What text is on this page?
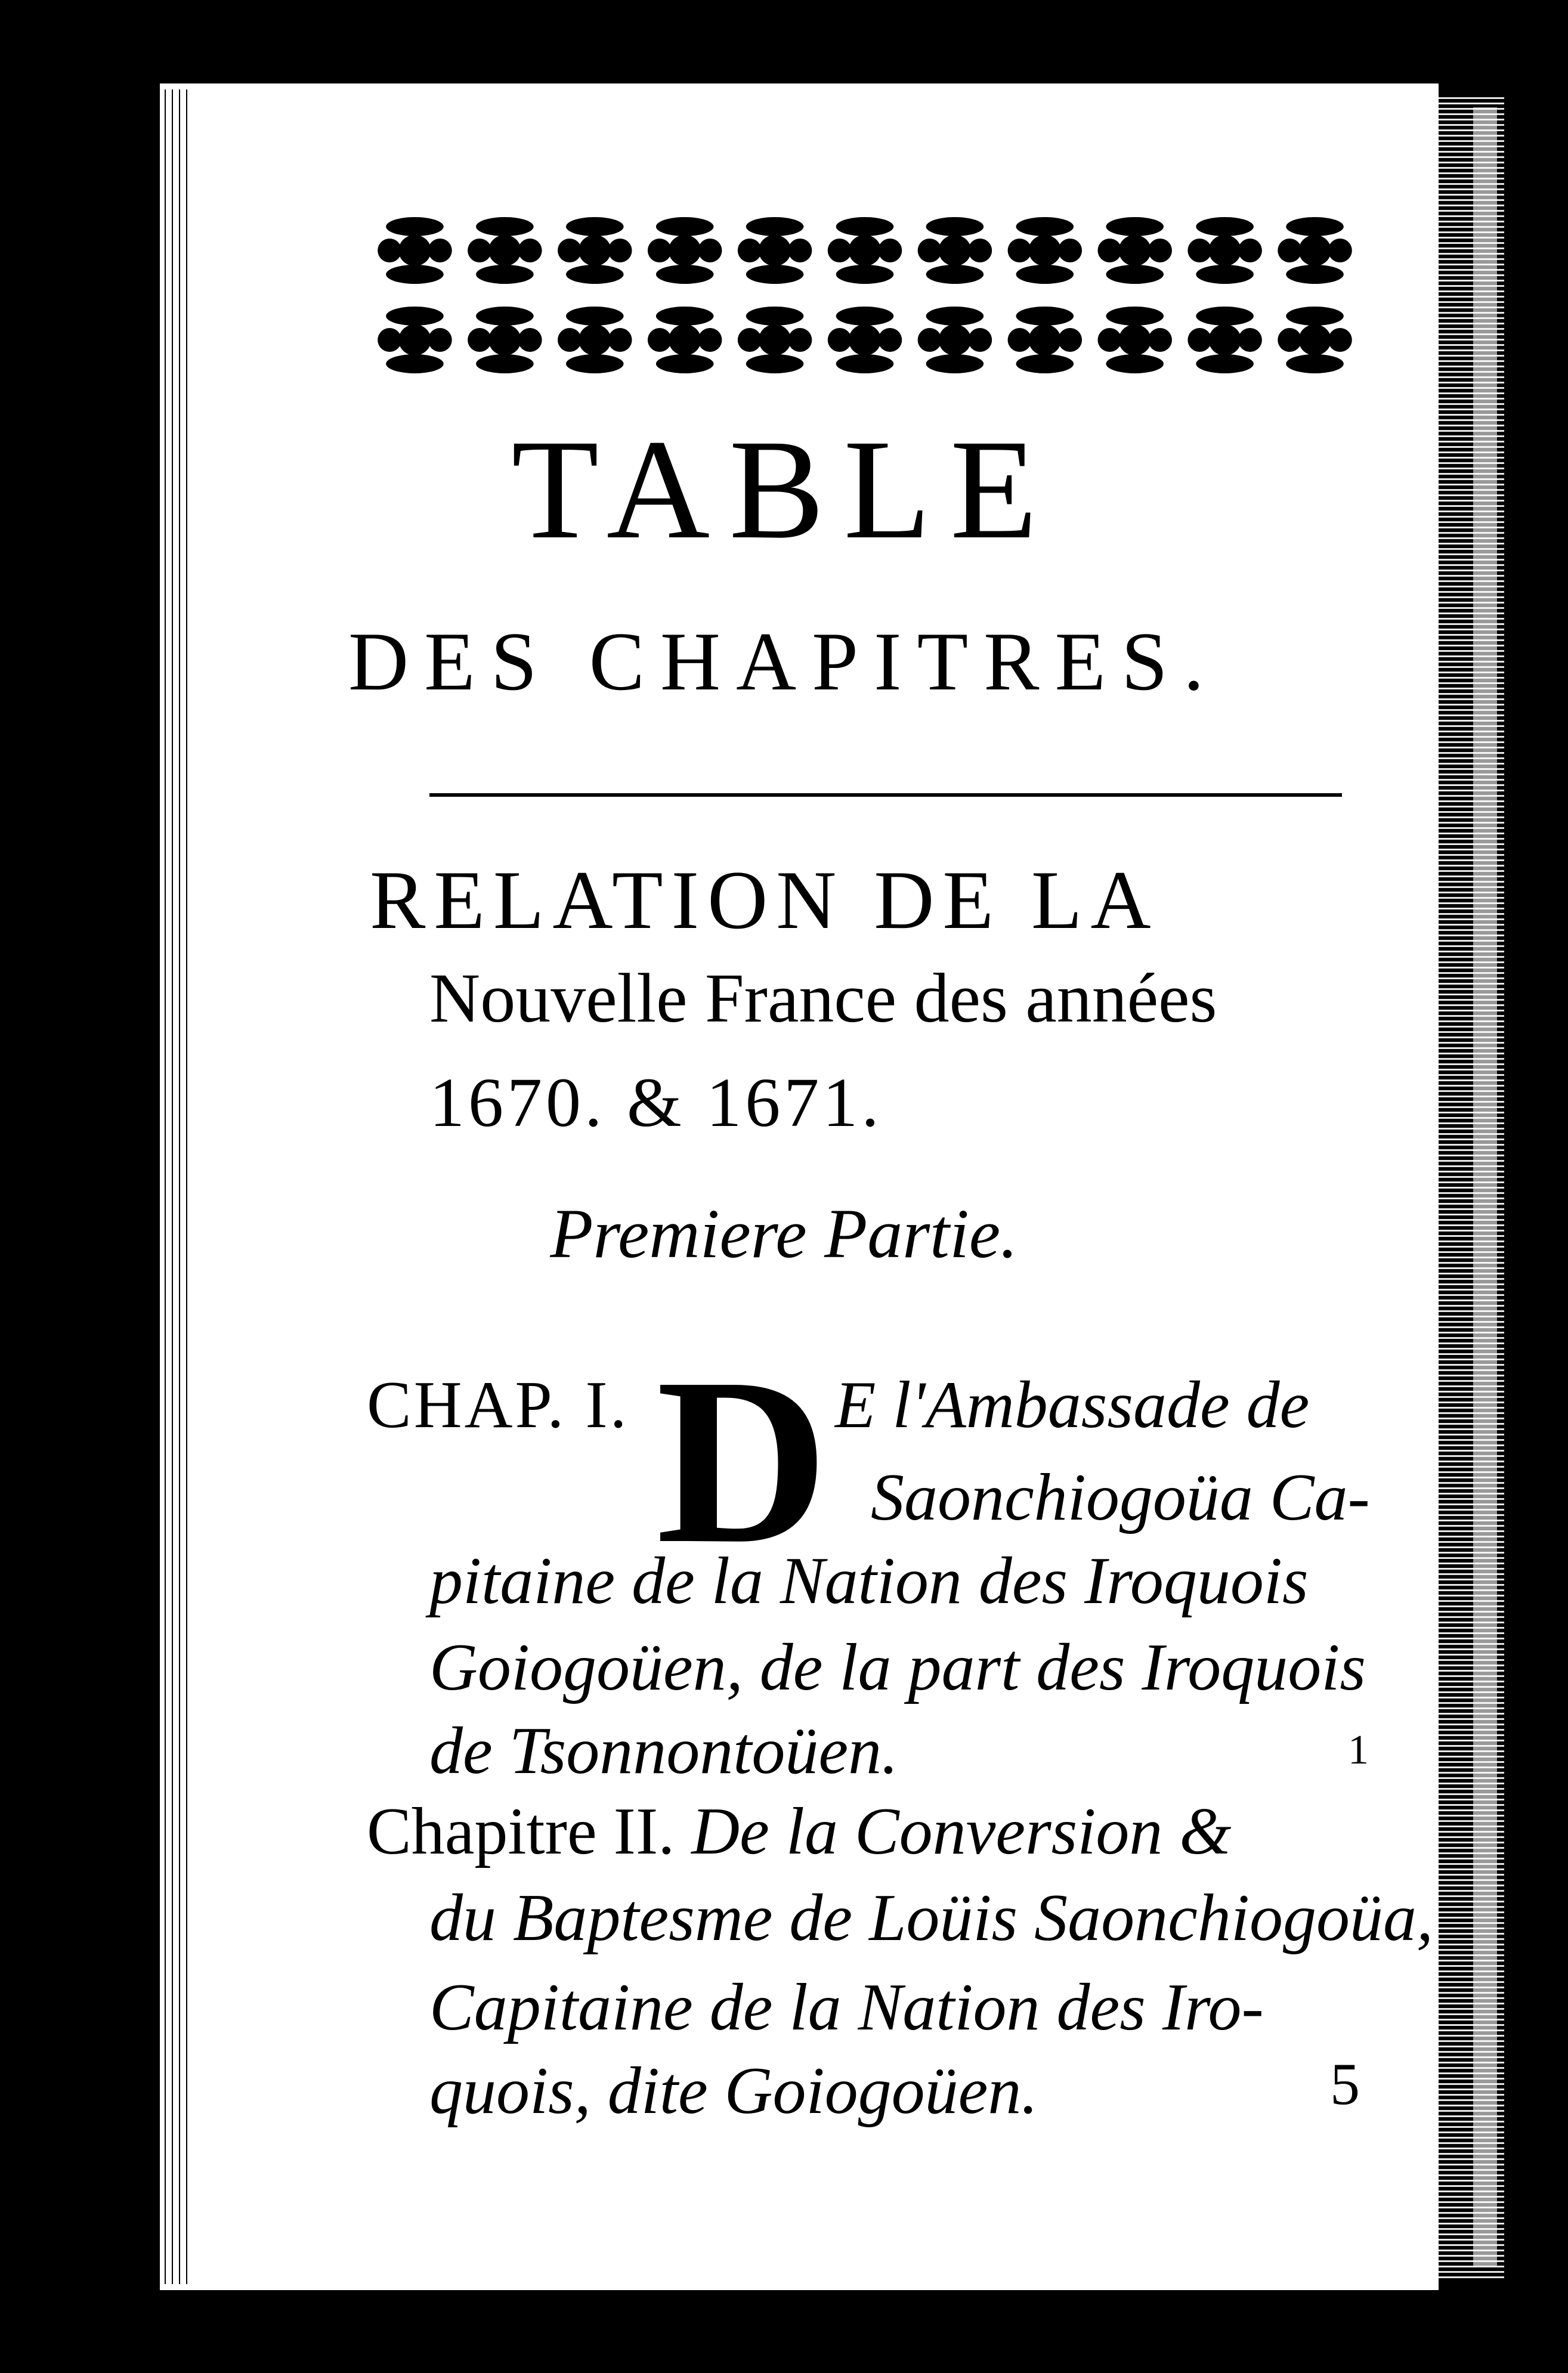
TABLE
DES CHAPITRES.
RELATION DE LA
Nouvelle France des années
1670. & 1671.
Premiere Partie.
CHAP. I. D E l'Ambassade de
Saonchiogoüa Ca-
pitaine de la Nation des Iroquois
Goiogoüen, de la part des Iroquois
de Tsonnontoüen.	1
Chapitre II. De la Conversion &
du Baptesme de Loüis Saonchiogoüa,
Capitaine de la Nation des Iro-
quois, dite Goiogoüen.	5
